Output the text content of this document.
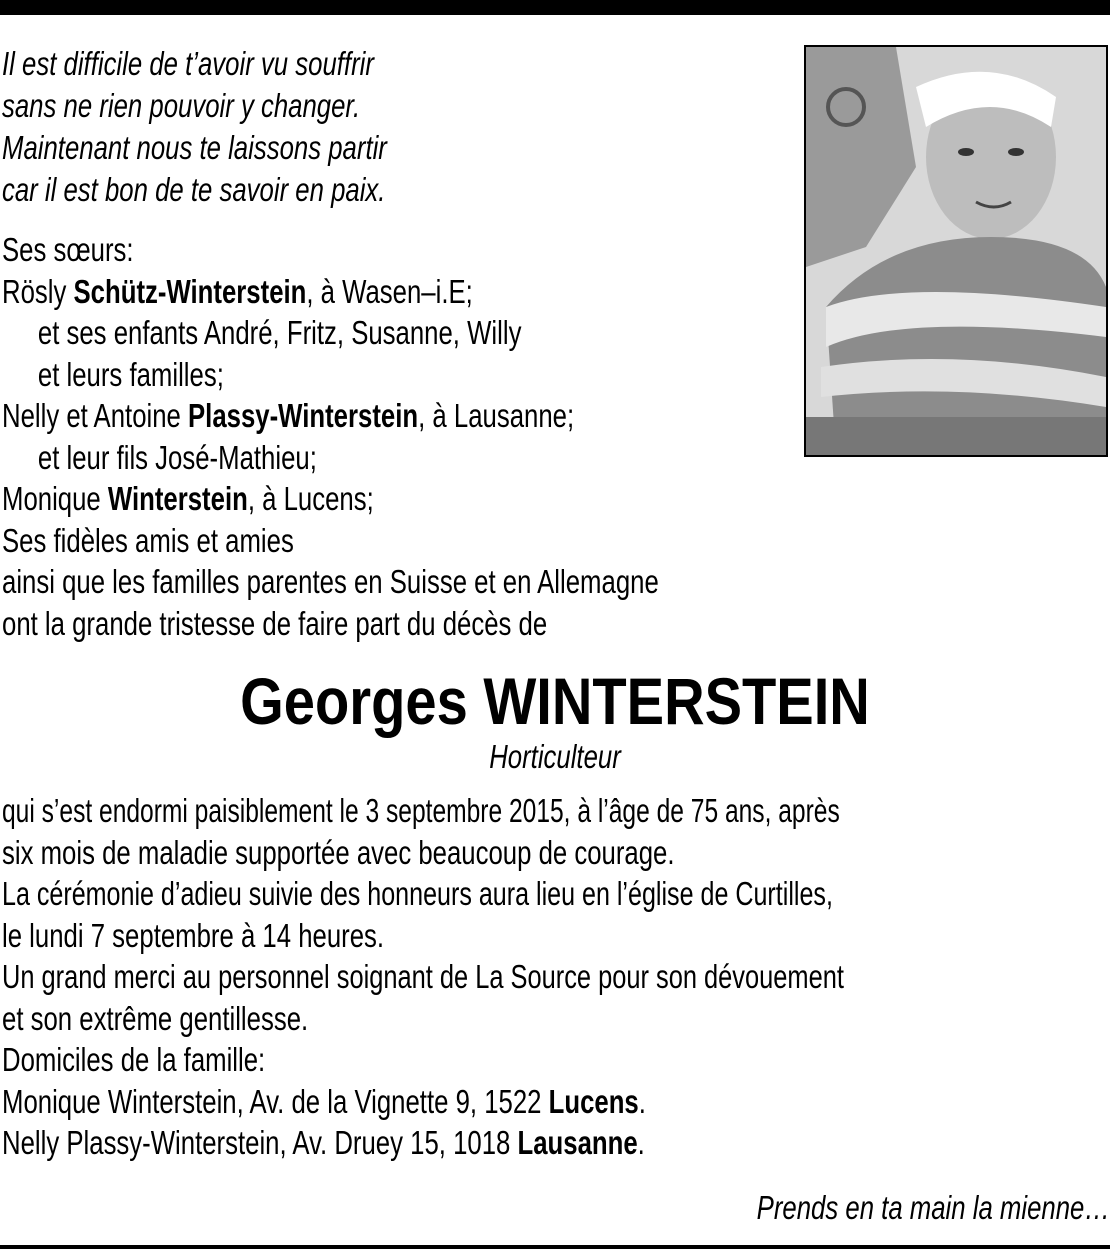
Il est difficile de t’avoir vu souffrir
sans ne rien pouvoir y changer.
Maintenant nous te laissons partir
car il est bon de te savoir en paix.
Ses sœurs:
Rösly Schütz-Winterstein, à Wasen–i.E;
et ses enfants André, Fritz, Susanne, Willy
et leurs familles;
Nelly et Antoine Plassy-Winterstein, à Lausanne;
et leur fils José-Mathieu;
Monique Winterstein, à Lucens;
Ses fidèles amis et amies
ainsi que les familles parentes en Suisse et en Allemagne
ont la grande tristesse de faire part du décès de
Georges WINTERSTEIN
Horticulteur
qui s’est endormi paisiblement le 3 septembre 2015, à l’âge de 75 ans, après
six mois de maladie supportée avec beaucoup de courage.
La cérémonie d’adieu suivie des honneurs aura lieu en l’église de Curtilles,
le lundi 7 septembre à 14 heures.
Un grand merci au personnel soignant de La Source pour son dévouement
et son extrême gentillesse.
Domiciles de la famille:
Monique Winterstein, Av. de la Vignette 9, 1522 Lucens.
Nelly Plassy-Winterstein, Av. Druey 15, 1018 Lausanne.
Prends en ta main la mienne…
